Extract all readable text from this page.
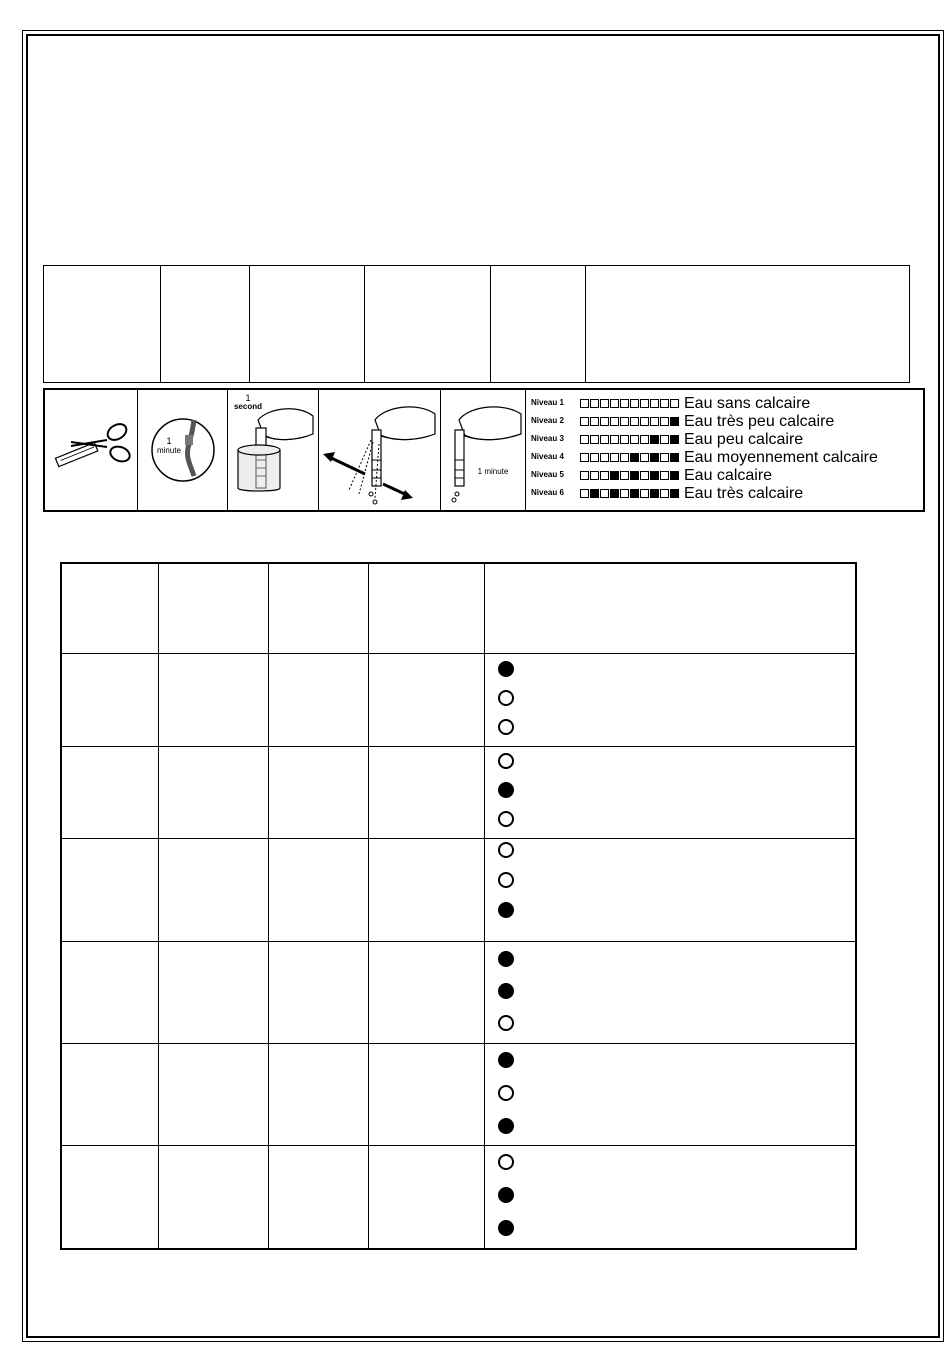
1
minute
1
second
1 minute
Niveau 1	Eau sans calcaire
Niveau 2	Eau très peu calcaire
Niveau 3	Eau peu calcaire
Niveau 4	Eau moyennement calcaire
Niveau 5	Eau calcaire
Niveau 6	Eau très calcaire
